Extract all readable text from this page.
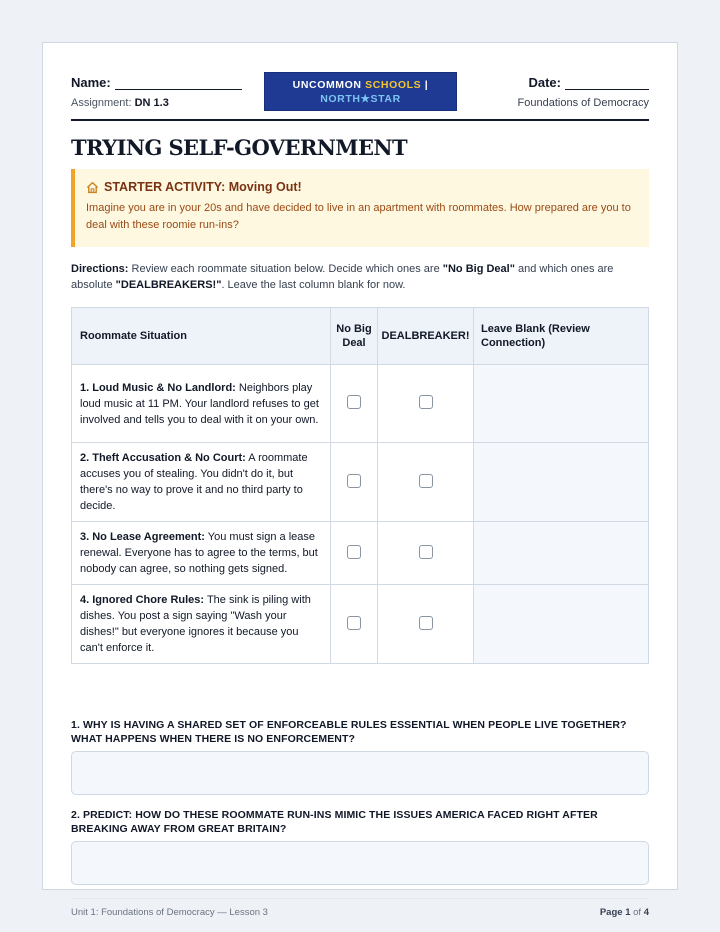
Name:
Assignment: DN 1.3
UNCOMMON SCHOOLS |
NORTH★STAR
Date:
Foundations of Democracy
TRYING SELF-GOVERNMENT
STARTER ACTIVITY: Moving Out!
Imagine you are in your 20s and have decided to live in an apartment with roommates. How prepared are you to deal with these roomie run-ins?
Directions: Review each roommate situation below. Decide which ones are "No Big Deal" and which ones are absolute "DEALBREAKERS!". Leave the last column blank for now.
Roommate Situation	No Big Deal	DEALBREAKER!	Leave Blank (Review Connection)
1. Loud Music & No Landlord: Neighbors play loud music at 11 PM. Your landlord refuses to get involved and tells you to deal with it on your own.			
2. Theft Accusation & No Court: A roommate accuses you of stealing. You didn't do it, but there's no way to prove it and no third party to decide.			
3. No Lease Agreement: You must sign a lease renewal. Everyone has to agree to the terms, but nobody can agree, so nothing gets signed.			
4. Ignored Chore Rules: The sink is piling with dishes. You post a sign saying "Wash your dishes!" but everyone ignores it because you can't enforce it.			
1. WHY IS HAVING A SHARED SET OF ENFORCEABLE RULES ESSENTIAL WHEN PEOPLE LIVE TOGETHER? WHAT HAPPENS WHEN THERE IS NO ENFORCEMENT?
2. PREDICT: HOW DO THESE ROOMMATE RUN-INS MIMIC THE ISSUES AMERICA FACED RIGHT AFTER BREAKING AWAY FROM GREAT BRITAIN?
Unit 1: Foundations of Democracy — Lesson 3	Page 1 of 4
